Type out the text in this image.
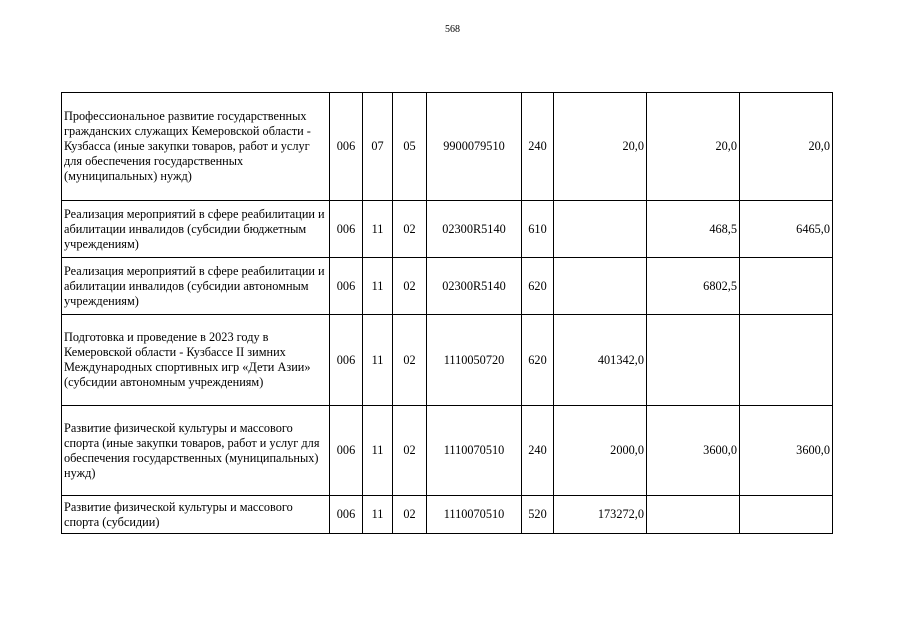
568
Профессиональное развитие государственных гражданских служащих Кемеровской области - Кузбасса (иные закупки товаров, работ и услуг для обеспечения государственных (муниципальных) нужд)	006	07	05	9900079510	240	20,0	20,0	20,0
Реализация мероприятий в сфере реабилитации и абилитации инвалидов (субсидии бюджетным учреждениям)	006	11	02	02300R5140	610		468,5	6465,0
Реализация мероприятий в сфере реабилитации и абилитации инвалидов (субсидии автономным учреждениям)	006	11	02	02300R5140	620		6802,5	
Подготовка и проведение в 2023 году в Кемеровской области - Кузбассе II зимних Международных спортивных игр «Дети Азии» (субсидии автономным учреждениям)	006	11	02	1110050720	620	401342,0		
Развитие физической культуры и массового спорта (иные закупки товаров, работ и услуг для обеспечения государственных (муниципальных) нужд)	006	11	02	1110070510	240	2000,0	3600,0	3600,0
Развитие физической культуры и массового спорта (субсидии)	006	11	02	1110070510	520	173272,0		
